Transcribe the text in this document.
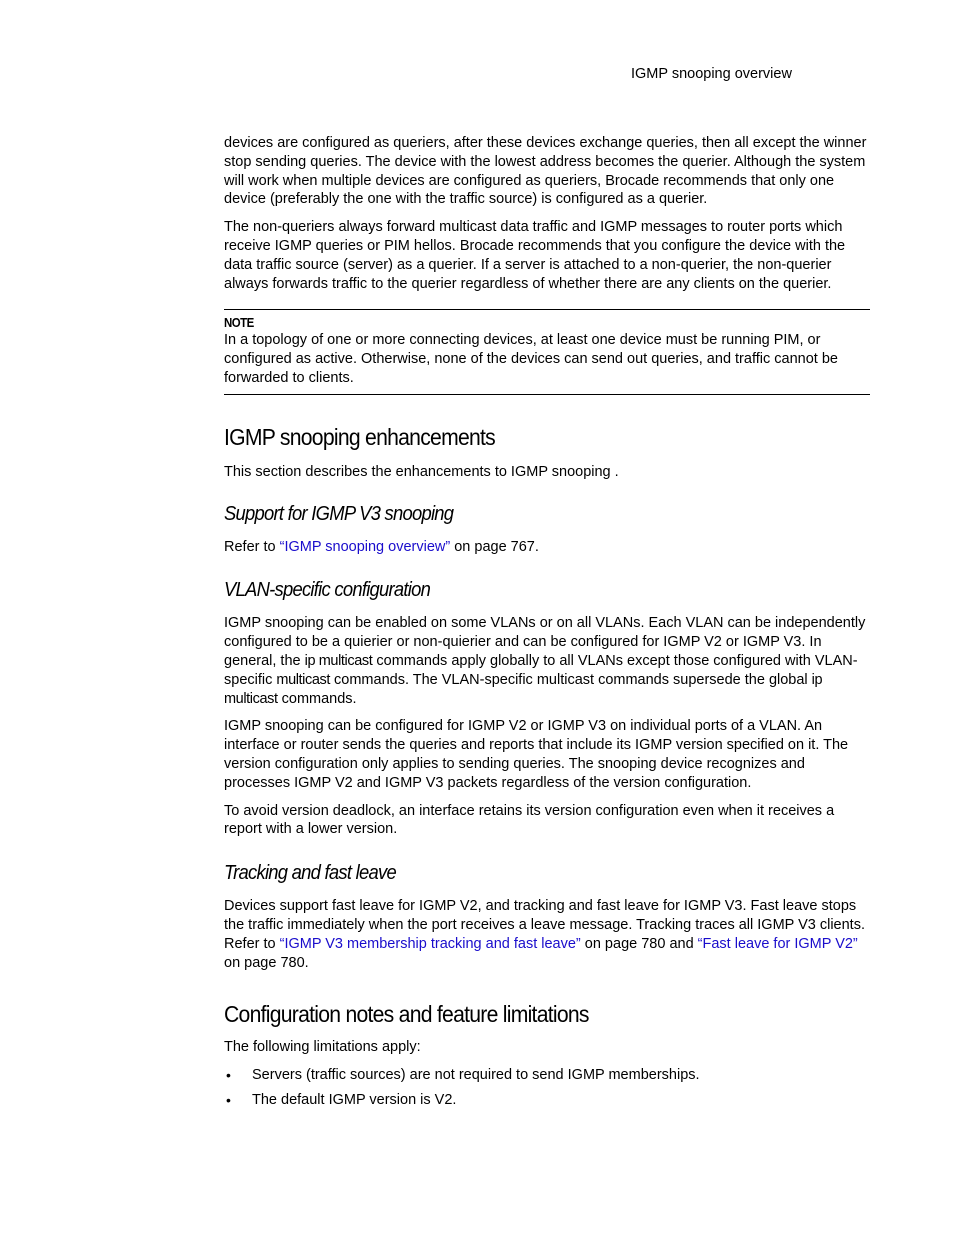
IGMP snooping overview

devices are configured as queriers, after these devices exchange queries, then all except the winner stop sending queries. The device with the lowest address becomes the querier. Although the system will work when multiple devices are configured as queriers, Brocade recommends that only one device (preferably the one with the traffic source) is configured as a querier.

The non-queriers always forward multicast data traffic and IGMP messages to router ports which receive IGMP queries or PIM hellos. Brocade recommends that you configure the device with the data traffic source (server) as a querier. If a server is attached to a non-querier, the non-querier always forwards traffic to the querier regardless of whether there are any clients on the querier.

NOTE

In a topology of one or more connecting devices, at least one device must be running PIM, or configured as active. Otherwise, none of the devices can send out queries, and traffic cannot be forwarded to clients.

IGMP snooping enhancements

This section describes the enhancements to IGMP snooping .

Support for IGMP V3 snooping

Refer to “IGMP snooping overview” on page 767.

VLAN-specific configuration

IGMP snooping can be enabled on some VLANs or on all VLANs. Each VLAN can be independently configured to be a quierier or non-quierier and can be configured for IGMP V2 or IGMP V3. In general, the ip multicast commands apply globally to all VLANs except those configured with VLAN-specific multicast commands. The VLAN-specific multicast commands supersede the global ip multicast commands.

IGMP snooping can be configured for IGMP V2 or IGMP V3 on individual ports of a VLAN. An interface or router sends the queries and reports that include its IGMP version specified on it. The version configuration only applies to sending queries. The snooping device recognizes and processes IGMP V2 and IGMP V3 packets regardless of the version configuration.

To avoid version deadlock, an interface retains its version configuration even when it receives a report with a lower version.

Tracking and fast leave

Devices support fast leave for IGMP V2, and tracking and fast leave for IGMP V3. Fast leave stops the traffic immediately when the port receives a leave message. Tracking traces all IGMP V3 clients. Refer to “IGMP V3 membership tracking and fast leave” on page 780 and “Fast leave for IGMP V2” on page 780.

Configuration notes and feature limitations

The following limitations apply:

• Servers (traffic sources) are not required to send IGMP memberships.
• The default IGMP version is V2.
